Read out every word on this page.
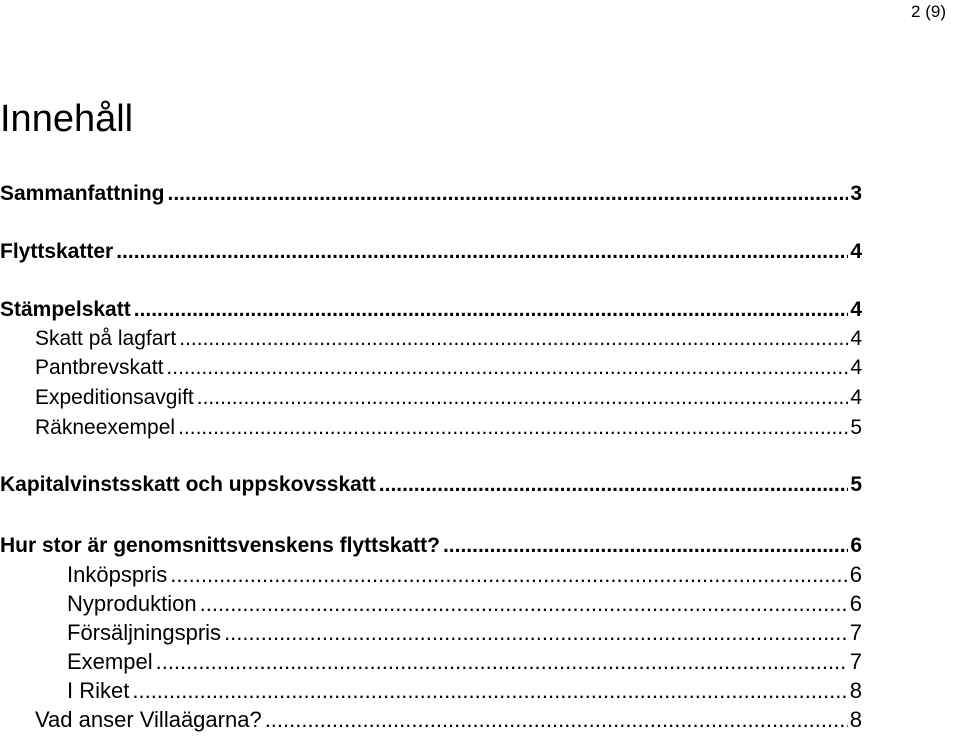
2 (9)
Innehåll
Sammanfattning .....	3
Flyttskatter .....	4
Stämpelskatt .....	4
Skatt på lagfart .....	4
Pantbrevskatt .....	4
Expeditionsavgift .....	4
Räkneexempel .....	5
Kapitalvinstsskatt och uppskovsskatt .....	5
Hur stor är genomsnittsvenskens flyttskatt? .....	6
Inköpspris .....	6
Nyproduktion .....	6
Försäljningspris .....	7
Exempel .....	7
I Riket .....	8
Vad anser Villaägarna? .....	8
